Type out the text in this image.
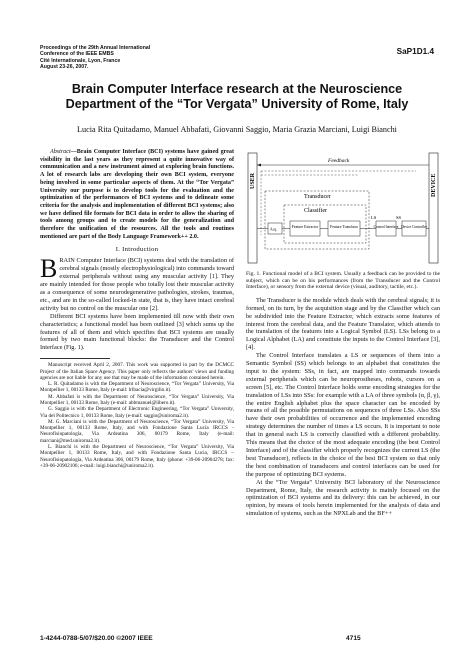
Proceedings of the 29th Annual International
Conference of the IEEE EMBS
Cité Internationale, Lyon, France
August 23-26, 2007.
SaP1D1.4
Brain Computer Interface research at the Neuroscience Department of the “Tor Vergata” University of Rome, Italy
Lucia Rita Quitadamo, Manuel Abbafati, Giovanni Saggio, Maria Grazia Marciani, Luigi Bianchi

Abstract—Brain Computer Interface (BCI) systems have gained great visibility in the last years as they represent a quite innovative way of communication and a new instrument aimed at exploring brain functions. A lot of research labs are developing their own BCI system, everyone being involved in some particular aspects of them. At the “Tor Vergata” University our purpose is to develop tools for the evaluation and the optimization of the performances of BCI systems and to delineate some criteria for the analysis and implementation of different BCI systems; also we have defined file formats for BCI data in order to allow the sharing of tools among groups and to create models for the generalization and therefore the unification of the resources. All the tools and routines mentioned are part of the Body Language Framework++ 2.0.

I. Introduction

BRAIN Computer Interface (BCI) systems deal with the translation of cerebral signals (mostly electrophysiological) into commands toward external peripherals without using any muscular activity [1]. They are mainly intended for those people who totally lost their muscular activity as a consequence of some neurodegenerative pathologies, strokes, traumas, etc., and are in the so-called locked-in state, that is, they have intact cerebral activity but no control on the muscular one [2].

Different BCI systems have been implemented till now with their own characteristics; a functional model has been outlined [3] which sums up the features of all of them and which specifies that BCI systems are usually formed by two main functional blocks: the Transducer and the Control Interface (Fig. 1).

Manuscript received April 2, 2007. This work was supported in part by the DCMCC Project of the Italian Space Agency. This paper only reflects the authors' views and funding agencies are not liable for any use that may be made of the information contained herein.

L. R. Quitadamo is with the Department of Neuroscience, “Tor Vergata” University, Via Montpellier 1, 00133 Rome, Italy (e-mail: lrlbacia@virgilio.it).

M. Abbafati is with the Department of Neuroscience, “Tor Vergata” University, Via Montpellier 1, 00133 Rome, Italy (e-mail: abbmanuel@libero.it).

G. Saggio is with the Department of Electronic Engineering, “Tor Vergata” University, Via del Politecnico 1, 00133 Rome, Italy (e-mail: saggio@uniroma2.it).

M. G. Marciani is with the Department of Neuroscience, “Tor Vergata” University, Via Montpellier 1, 00133 Rome, Italy, and with Fondazione Santa Lucia IRCCS - Neurofisiopatologia, Via Ardeatina 306, 00179 Rome, Italy (e-mail: marciani@med.uniroma2.it).

L. Bianchi is with the Department of Neuroscience, “Tor Vergata” University, Via Montpellier 1, 00133 Rome, Italy, and with Fondazione Santa Lucia, IRCCS – Neurofisiopatologia, Via Ardeatina 306, 00179 Rome, Italy (phone: +39-06-20904278; fax: +39-06-20902106; e-mail: luigi.bianchi@uniroma2.it).

USER	DEVICE
Feedback
Transducer
Classifier
Acq.
Feature Extractor	Feature Translator	Control Interface Device Controller
LS	SS

Fig. 1. Functional model of a BCI system. Usually a feedback can be provided to the subject, which can be on his performances (from the Transducer and the Control Interface), or sensory from the external device (visual, auditory, tactile, etc.).

The Transducer is the module which deals with the cerebral signals; it is formed, on its turn, by the acquisition stage and by the Classifier which can be subdivided into the Feature Extractor, which extracts some features of interest from the cerebral data, and the Feature Translator, which attends to the translation of the features into a Logical Symbol (LS). LSs belong to a Logical Alphabet (LA) and constitute the inputs to the Control Interface [3], [4].

The Control Interface translates a LS or sequences of them into a Semantic Symbol (SS) which belongs to an alphabet that constitutes the input to the system: SSs, in fact, are mapped into commands towards external peripherals which can be neuroprostheses, robots, cursors on a screen [5], etc. The Control Interface holds some encoding strategies for the translation of LSs into SSs: for example with a LA of three symbols (α, β, γ), the entire English alphabet plus the space character can be encoded by means of all the possible permutations on sequences of three LSs. Also SSs have their own probabilities of occurrence and the implemented encoding strategy determines the number of times a LS occurs. It is important to note that in general each LS is correctly classified with a different probability. This means that the choice of the most adequate encoding (the best Control Interface) and of the classifier which properly recognizes the current LS (the best Transducer), reflects in the choice of the best BCI system so that only the best combination of transducers and control interfaces can be used for the purpose of optimizing BCI systems.

At the “Tor Vergata” University BCI laboratory of the Neuroscience Department, Rome, Italy, the research activity is mainly focused on the optimization of BCI systems and its delivery: this can be achieved, in our opinion, by means of tools herein implemented for the analysis of data and simulation of systems, such as the NPXLab and the BF++

1-4244-0788-5/07/$20.00 ©2007 IEEE	4715
